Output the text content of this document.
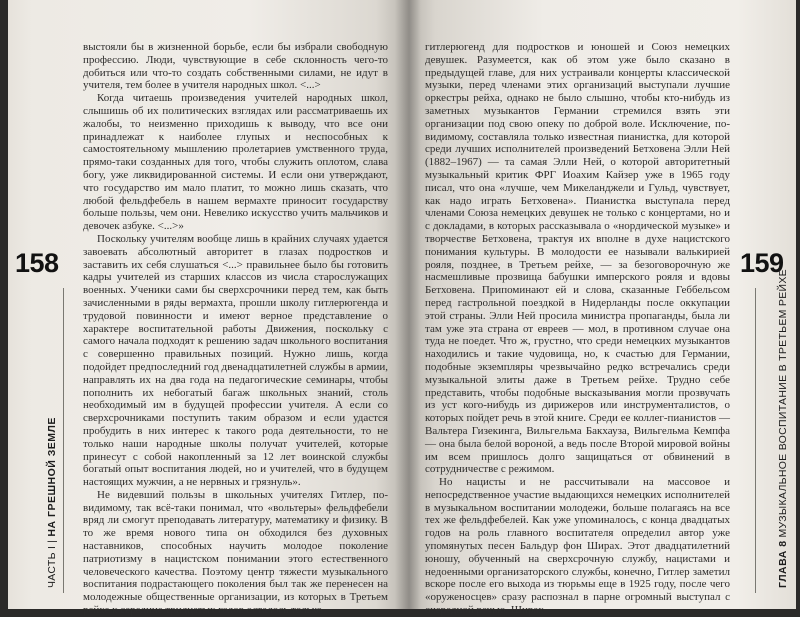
158
ЧАСТЬ I | НА ГРЕШНОЙ ЗЕМЛЕ

выстояли бы в жизненной борьбе, если бы избрали свободную профессию. Люди, чувствующие в себе склонность чего-то добиться или что-то создать собственными силами, не идут в учителя, тем более в учителя народных школ. <...>

Когда читаешь произведения учителей народных школ, слышишь об их политических взглядах или рассматриваешь их жалобы, то неизменно приходишь к выводу, что все они принадлежат к наиболее глупых и неспособных к самостоятельному мышлению пролетариев умственного труда, прямо-таки созданных для того, чтобы служить оплотом, слава богу, уже ликвидированной системы. И если они утверждают, что государство им мало платит, то можно лишь сказать, что любой фельдфебель в нашем вермахте приносит государству больше пользы, чем они. Невелико искусство учить мальчиков и девочек азбуке. <...>»

Поскольку учителям вообще лишь в крайних случаях удается завоевать абсолютный авторитет в глазах подростков и заставить их себя слушаться <...> правильнее было бы готовить кадры учителей из старших классов из числа старослужащих военных. Ученики сами бы сверхсрочники перед тем, как быть зачисленными в ряды вермахта, прошли школу гитлерюгенда и трудовой повинности и имеют верное представление о характере воспитательной работы Движения, поскольку с самого начала подходят к решению задач школьного воспитания с совершенно правильных позиций. Нужно лишь, когда подойдет предпоследний год двенадцатилетней службы в армии, направлять их на два года на педагогические семинары, чтобы пополнить их небогатый багаж школьных знаний, столь необходимый им в будущей профессии учителя. А если со сверхсрочниками поступить таким образом и если удастся пробудить в них интерес к такого рода деятельности, то не только наши народные школы получат учителей, которые принесут с собой накопленный за 12 лет воинской службы богатый опыт воспитания людей, но и учителей, что в будущем настоящих мужчин, а не нервных и грязнуль».

Не видевший пользы в школьных учителях Гитлер, по-видимому, так всё-таки понимал, что «вольтеры» фельдфебели вряд ли смогут преподавать литературу, математику и физику. В то же время нового типа он обходился без духовных наставников, способных научить молодое поколение патриотизму в нацистском понимании этого естественного человеческого качества. Поэтому центр тяжести музыкального воспитания подрастающего поколения был так же перенесен на молодежные общественные организации, из которых в Третьем рейхе к середине тридцатых годов осталось только

159
ГЛАВА 8 МУЗЫКАЛЬНОЕ ВОСПИТАНИЕ В ТРЕТЬЕМ РЕЙХЕ

гитлерюгенд для подростков и юношей и Союз немецких девушек. Разумеется, как об этом уже было сказано в предыдущей главе, для них устраивали концерты классической музыки, перед членами этих организаций выступали лучшие оркестры рейха, однако не было слышно, чтобы кто-нибудь из заметных музыкантов Германии стремился взять эти организации под свою опеку по доброй воле. Исключение, по-видимому, составляла только известная пианистка, для которой среди лучших исполнителей произведений Бетховена Элли Ней (1882–1967) — та самая Элли Ней, о которой авторитетный музыкальный критик ФРГ Иоахим Кайзер уже в 1965 году писал, что она «лучше, чем Микеланджели и Гульд, чувствует, как надо играть Бетховена». Пианистка выступала перед членами Союза немецких девушек не только с концертами, но и с докладами, в которых рассказывала о «нордической музыке» и творчестве Бетховена, трактуя их вполне в духе нацистского понимания культуры. В молодости ее называли валькирией рояля, позднее, в Третьем рейхе, — за безоговорочную же насмешливые прозвища бабушки имперского рояля и вдовы Бетховена. Припоминают ей и слова, сказанные Геббельсом перед гастрольной поездкой в Нидерланды после оккупации этой страны. Элли Ней просила министра пропаганды, была ли там уже эта страна от евреев — мол, в противном случае она туда не поедет. Что ж, грустно, что среди немецких музыкантов находились и такие чудовища, но, к счастью для Германии, подобные экземпляры чрезвычайно редко встречались среди музыкальной элиты даже в Третьем рейхе. Трудно себе представить, чтобы подобные высказывания могли прозвучать из уст кого-нибудь из дирижеров или инструменталистов, о которых пойдет речь в этой книге. Среди ее коллег-пианистов — Вальтера Гизекинга, Вильгельма Бакхауза, Вильгельма Кемпфа — она была белой вороной, а ведь после Второй мировой войны им всем пришлось долго защищаться от обвинений в сотрудничестве с режимом.

Но нацисты и не рассчитывали на массовое и непосредственное участие выдающихся немецких исполнителей в музыкальном воспитании молодежи, больше полагаясь на все тех же фельдфебелей. Как уже упоминалось, с конца двадцатых годов на роль главного воспитателя определил автор уже упомянутых песен Бальдур фон Ширах. Этот двадцатилетний юношу, обученный на сверхсрочную службу, нацистами и недоенными организаторского службы, конечно, Гитлер заметил вскоре после его выхода из тюрьмы еще в 1925 году, после чего «оруженосцев» сразу распознал в парне огромный выступал с очередной речью. Ширах
